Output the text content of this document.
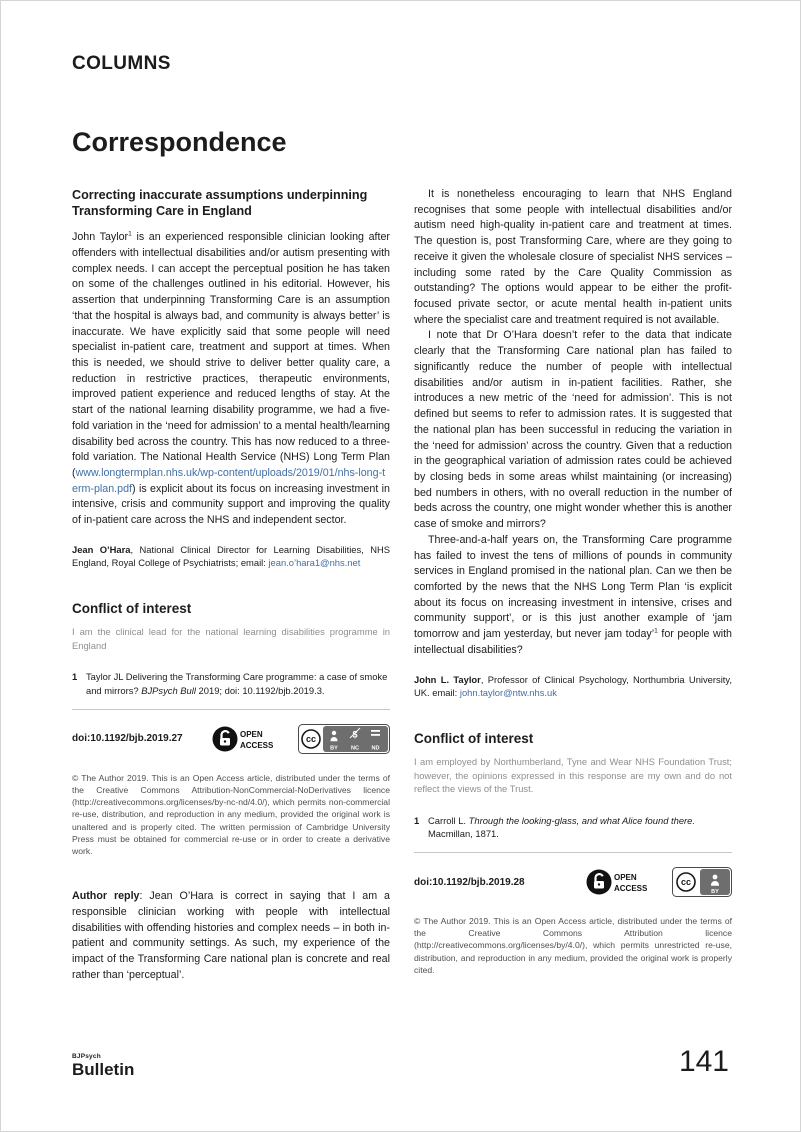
COLUMNS
Correspondence
Correcting inaccurate assumptions underpinning Transforming Care in England

John Taylor$^1$ is an experienced responsible clinician looking after offenders with intellectual disabilities and/or autism presenting with complex needs. I can accept the perceptual position he has taken on some of the challenges outlined in his editorial. However, his assertion that underpinning Transforming Care is an assumption ‘that the hospital is always bad, and community is always better’ is inaccurate. We have explicitly said that some people will need specialist in-patient care, treatment and support at times. When this is needed, we should strive to deliver better quality care, a reduction in restrictive practices, therapeutic environments, improved patient experience and reduced lengths of stay. At the start of the national learning disability programme, we had a five-fold variation in the ‘need for admission’ to a mental health/learning disability bed across the country. This has now reduced to a three-fold variation. The National Health Service (NHS) Long Term Plan (www.longtermplan.nhs.uk/wp-content/uploads/2019/01/nhs-long-term-plan.pdf) is explicit about its focus on increasing investment in intensive, crisis and community support and improving the quality of in-patient care across the NHS and independent sector.

Jean O’Hara, National Clinical Director for Learning Disabilities, NHS England, Royal College of Psychiatrists; email: jean.o’hara1@nhs.net

Conflict of interest

I am the clinical lead for the national learning disabilities programme in England

1 Taylor JL Delivering the Transforming Care programme: a case of smoke and mirrors? BJPsych Bull 2019; doi: 10.1192/bjb.2019.3.
doi:10.1192/bjb.2019.27	OPEN
ACCESS
cc
BY
$
NC ND

© The Author 2019. This is an Open Access article, distributed under the terms of the Creative Commons Attribution-NonCommercial-NoDerivatives licence (http://creativecommons.org/licenses/by-nc-nd/4.0/), which permits non-commercial re-use, distribution, and reproduction in any medium, provided the original work is unaltered and is properly cited. The written permission of Cambridge University Press must be obtained for commercial re-use or in order to create a derivative work.

Author reply: Jean O’Hara is correct in saying that I am a responsible clinician working with people with intellectual disabilities with offending histories and complex needs – in both in-patient and community settings. As such, my experience of the impact of the Transforming Care national plan is concrete and real rather than ‘perceptual’.

It is nonetheless encouraging to learn that NHS England recognises that some people with intellectual disabilities and/or autism need high-quality in-patient care and treatment at times. The question is, post Transforming Care, where are they going to receive it given the wholesale closure of specialist NHS services – including some rated by the Care Quality Commission as outstanding? The options would appear to be either the profit-focused private sector, or acute mental health in-patient units where the specialist care and treatment required is not available.

I note that Dr O’Hara doesn’t refer to the data that indicate clearly that the Transforming Care national plan has failed to significantly reduce the number of people with intellectual disabilities and/or autism in in-patient facilities. Rather, she introduces a new metric of the ‘need for admission’. This is not defined but seems to refer to admission rates. It is suggested that the national plan has been successful in reducing the variation in the ‘need for admission’ across the country. Given that a reduction in the geographical variation of admission rates could be achieved by closing beds in some areas whilst maintaining (or increasing) bed numbers in others, with no overall reduction in the number of beds across the country, one might wonder whether this is another case of smoke and mirrors?

Three-and-a-half years on, the Transforming Care programme has failed to invest the tens of millions of pounds in community services in England promised in the national plan. Can we then be comforted by the news that the NHS Long Term Plan ‘is explicit about its focus on increasing investment in intensive, crises and community support’, or is this just another example of ‘jam tomorrow and jam yesterday, but never jam today’$^1$ for people with intellectual disabilities?

John L. Taylor, Professor of Clinical Psychology, Northumbria University, UK. email: john.taylor@ntw.nhs.uk

Conflict of interest

I am employed by Northumberland, Tyne and Wear NHS Foundation Trust; however, the opinions expressed in this response are my own and do not reflect the views of the Trust.

1 Carroll L. Through the looking-glass, and what Alice found there. Macmillan, 1871.
doi:10.1192/bjb.2019.28	OPEN
ACCESS
cc
BY

© The Author 2019. This is an Open Access article, distributed under the terms of the Creative Commons Attribution licence (http://creativecommons.org/licenses/by/4.0/), which permits unrestricted re-use, distribution, and reproduction in any medium, provided the original work is properly cited.

BJPsych
Bulletin	141
